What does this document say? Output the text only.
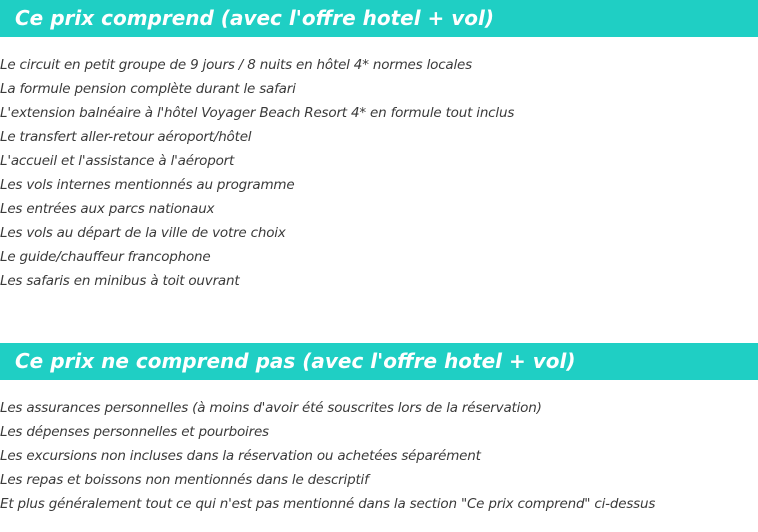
Ce prix comprend (avec l'offre hotel + vol)
Le circuit en petit groupe de 9 jours / 8 nuits en hôtel 4* normes locales
La formule pension complète durant le safari
L'extension balnéaire à l'hôtel Voyager Beach Resort 4* en formule tout inclus
Le transfert aller-retour aéroport/hôtel
L'accueil et l'assistance à l'aéroport
Les vols internes mentionnés au programme
Les entrées aux parcs nationaux
Les vols au départ de la ville de votre choix
Le guide/chauffeur francophone
Les safaris en minibus à toit ouvrant
Ce prix ne comprend pas (avec l'offre hotel + vol)
Les assurances personnelles (à moins d'avoir été souscrites lors de la réservation)
Les dépenses personnelles et pourboires
Les excursions non incluses dans la réservation ou achetées séparément
Les repas et boissons non mentionnés dans le descriptif
Et plus généralement tout ce qui n'est pas mentionné dans la section "Ce prix comprend" ci-dessus
